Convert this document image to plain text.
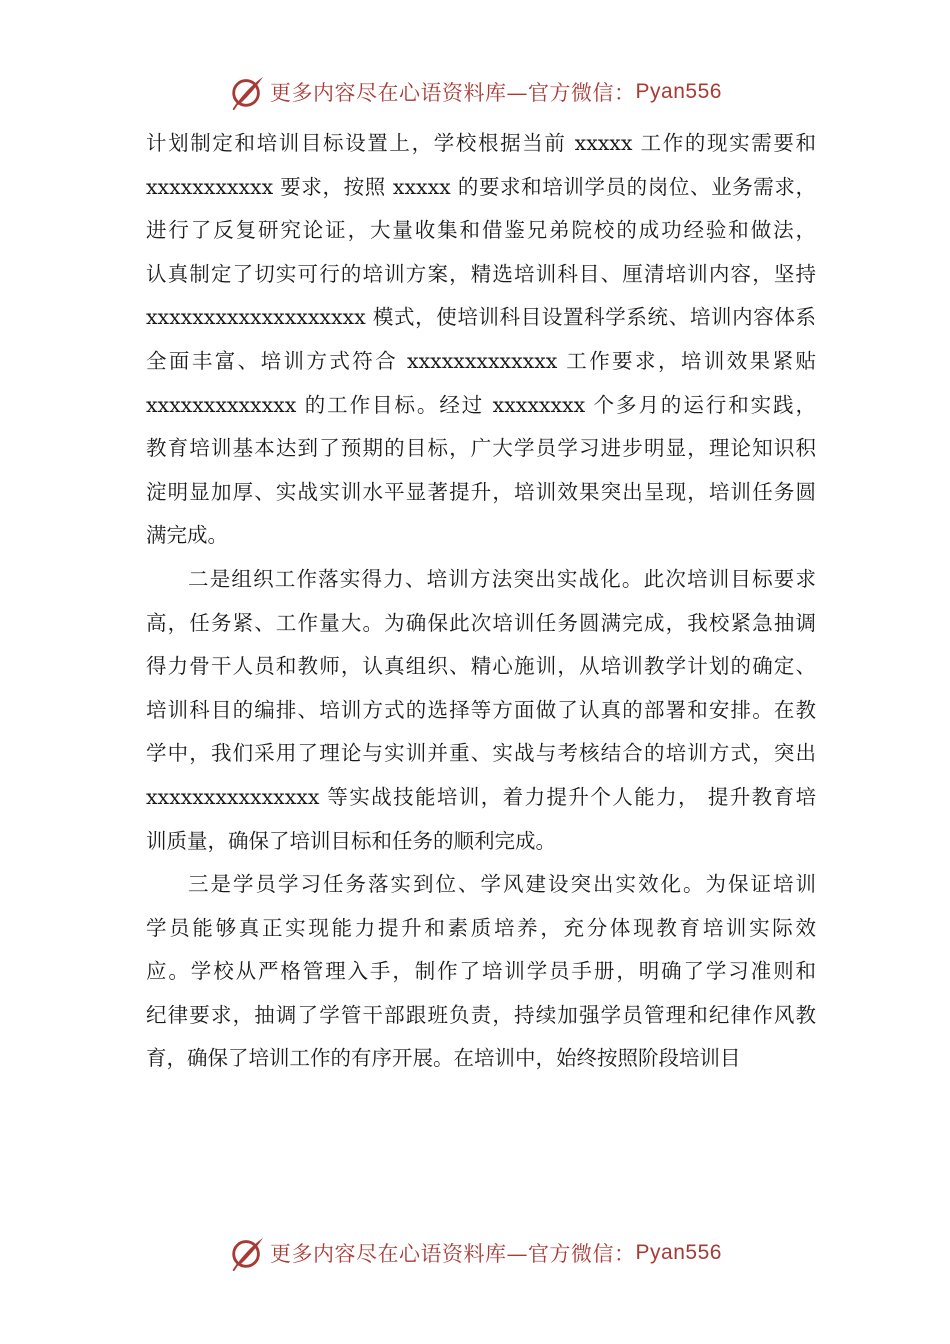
更多内容尽在心语资料库—官方微信： Pyan556
计划制定和培训目标设置上，学校根据当前 xxxxx 工作的现实需要和
xxxxxxxxxxx 要求，按照 xxxxx 的要求和培训学员的岗位、业务需求，
进行了反复研究论证，大量收集和借鉴兄弟院校的成功经验和做法，
认真制定了切实可行的培训方案，精选培训科目、厘清培训内容，坚持
xxxxxxxxxxxxxxxxxxx 模式，使培训科目设置科学系统、培训内容体系
全面丰富、培训方式符合 xxxxxxxxxxxxx 工作要求，培训效果紧贴
xxxxxxxxxxxxx 的工作目标。经过 xxxxxxxx 个多月的运行和实践，
教育培训基本达到了预期的目标，广大学员学习进步明显，理论知识积
淀明显加厚、实战实训水平显著提升，培训效果突出呈现，培训任务圆
满完成。
二是组织工作落实得力、培训方法突出实战化。此次培训目标要求
高，任务紧、工作量大。为确保此次培训任务圆满完成，我校紧急抽调
得力骨干人员和教师，认真组织、精心施训，从培训教学计划的确定、
培训科目的编排、培训方式的选择等方面做了认真的部署和安排。在教
学中，我们采用了理论与实训并重、实战与考核结合的培训方式，突出
xxxxxxxxxxxxxxx 等实战技能培训，着力提升个人能力， 提升教育培
训质量，确保了培训目标和任务的顺利完成。
三是学员学习任务落实到位、学风建设突出实效化。为保证培训
学员能够真正实现能力提升和素质培养，充分体现教育培训实际效
应。学校从严格管理入手，制作了培训学员手册，明确了学习准则和
纪律要求，抽调了学管干部跟班负责，持续加强学员管理和纪律作风教
育，确保了培训工作的有序开展。在培训中，始终按照阶段培训目
更多内容尽在心语资料库—官方微信： Pyan556
